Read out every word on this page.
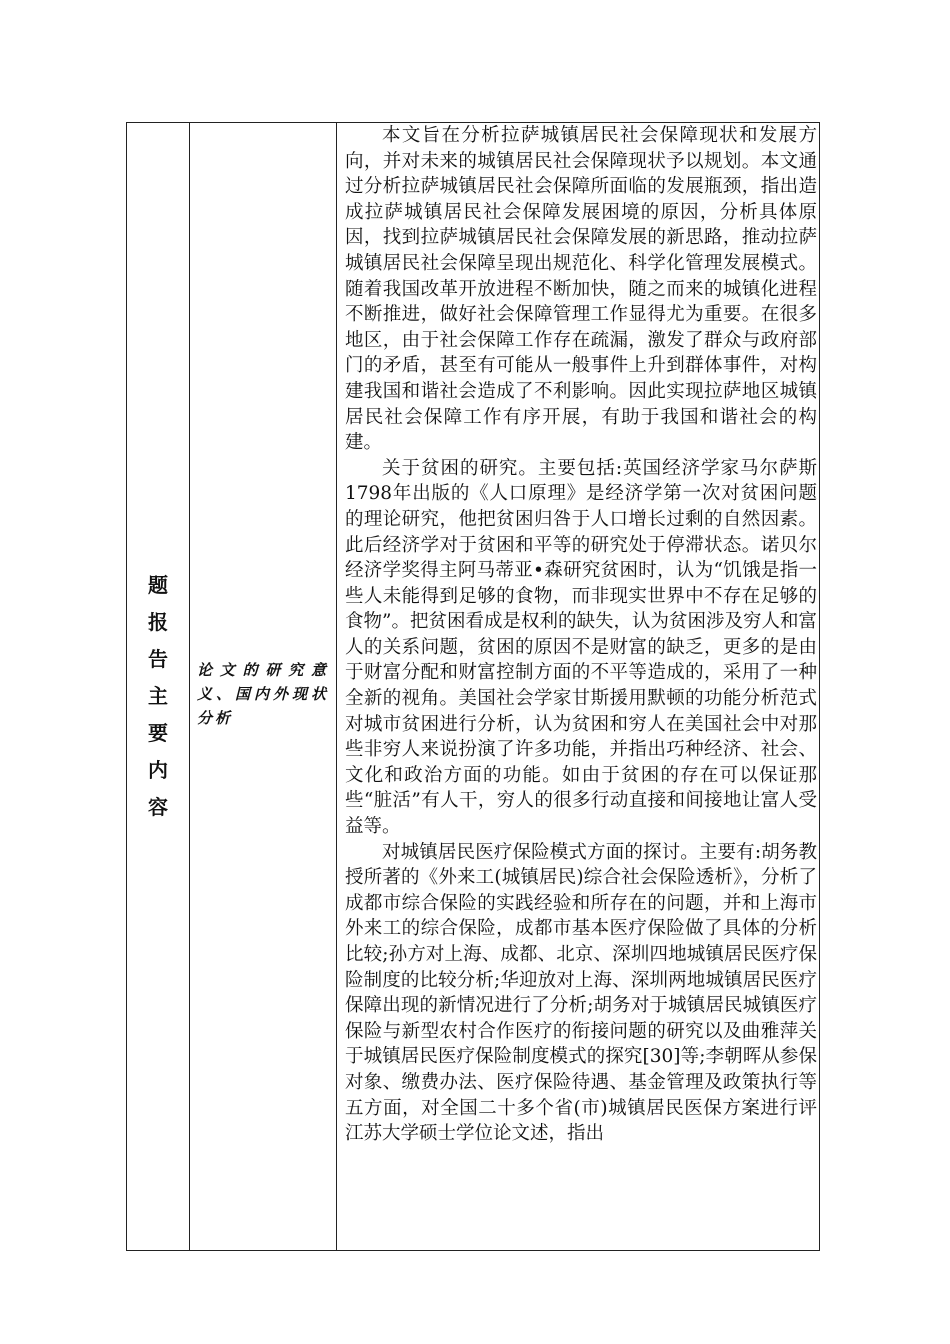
题报告主要内容
论文的研究意义、国内外现状分析

本文旨在分析拉萨城镇居民社会保障现状和发展方向，并对未来的城镇居民社会保障现状予以规划。本文通过分析拉萨城镇居民社会保障所面临的发展瓶颈，指出造成拉萨城镇居民社会保障发展困境的原因，分析具体原因，找到拉萨城镇居民社会保障发展的新思路，推动拉萨城镇居民社会保障呈现出规范化、科学化管理发展模式。随着我国改革开放进程不断加快，随之而来的城镇化进程不断推进，做好社会保障管理工作显得尤为重要。在很多地区，由于社会保障工作存在疏漏，激发了群众与政府部门的矛盾，甚至有可能从一般事件上升到群体事件，对构建我国和谐社会造成了不利影响。因此实现拉萨地区城镇居民社会保障工作有序开展，有助于我国和谐社会的构建。

关于贫困的研究。主要包括:英国经济学家马尔萨斯1798年出版的《人口原理》是经济学第一次对贫困问题的理论研究，他把贫困归咎于人口增长过剩的自然因素。此后经济学对于贫困和平等的研究处于停滞状态。诺贝尔经济学奖得主阿马蒂亚•森研究贫困时，认为“饥饿是指一些人未能得到足够的食物，而非现实世界中不存在足够的食物”。把贫困看成是权利的缺失，认为贫困涉及穷人和富人的关系问题，贫困的原因不是财富的缺乏，更多的是由于财富分配和财富控制方面的不平等造成的，采用了一种全新的视角。美国社会学家甘斯援用默顿的功能分析范式对城市贫困进行分析，认为贫困和穷人在美国社会中对那些非穷人来说扮演了许多功能，并指出巧种经济、社会、文化和政治方面的功能。如由于贫困的存在可以保证那些“脏活”有人干，穷人的很多行动直接和间接地让富人受益等。

对城镇居民医疗保险模式方面的探讨。主要有:胡务教授所著的《外来工(城镇居民)综合社会保险透析》，分析了成都市综合保险的实践经验和所存在的问题，并和上海市外来工的综合保险，成都市基本医疗保险做了具体的分析比较;孙方对上海、成都、北京、深圳四地城镇居民医疗保险制度的比较分析;华迎放对上海、深圳两地城镇居民医疗保障出现的新情况进行了分析;胡务对于城镇居民城镇医疗保险与新型农村合作医疗的衔接问题的研究以及曲雅萍关于城镇居民医疗保险制度模式的探究[30]等;李朝晖从参保对象、缴费办法、医疗保险待遇、基金管理及政策执行等五方面，对全国二十多个省(市)城镇居民医保方案进行评江苏大学硕士学位论文述，指出
